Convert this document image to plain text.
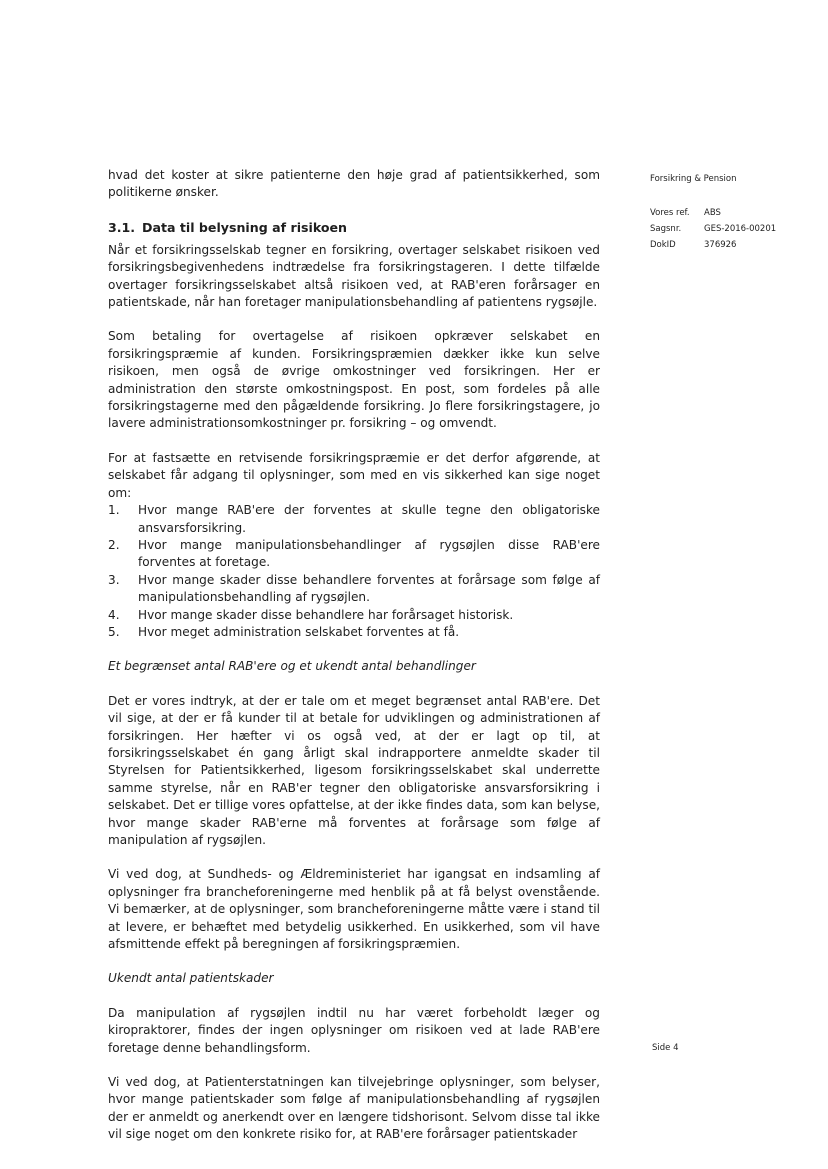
hvad det koster at sikre patienterne den høje grad af patientsikkerhed, som politikerne ønsker.

3.1. Data til belysning af risikoen

Når et forsikringsselskab tegner en forsikring, overtager selskabet risikoen ved forsikringsbegivenhedens indtrædelse fra forsikringstageren. I dette tilfælde overtager forsikringsselskabet altså risikoen ved, at RAB'eren forårsager en patientskade, når han foretager manipulationsbehandling af patientens rygsøjle.

Som betaling for overtagelse af risikoen opkræver selskabet en forsikringspræmie af kunden. Forsikringspræmien dækker ikke kun selve risikoen, men også de øvrige omkostninger ved forsikringen. Her er administration den største omkostningspost. En post, som fordeles på alle forsikringstagerne med den pågældende forsikring. Jo flere forsikringstagere, jo lavere administrationsomkostninger pr. forsikring – og omvendt.

For at fastsætte en retvisende forsikringspræmie er det derfor afgørende, at selskabet får adgang til oplysninger, som med en vis sikkerhed kan sige noget om:

1.	Hvor mange RAB'ere der forventes at skulle tegne den obligatoriske ansvarsforsikring.
2.	Hvor mange manipulationsbehandlinger af rygsøjlen disse RAB'ere forventes at foretage.
3.	Hvor mange skader disse behandlere forventes at forårsage som følge af manipulationsbehandling af rygsøjlen.
4.	Hvor mange skader disse behandlere har forårsaget historisk.
5.	Hvor meget administration selskabet forventes at få.

Et begrænset antal RAB'ere og et ukendt antal behandlinger

Det er vores indtryk, at der er tale om et meget begrænset antal RAB'ere. Det vil sige, at der er få kunder til at betale for udviklingen og administrationen af forsikringen. Her hæfter vi os også ved, at der er lagt op til, at forsikringsselskabet én gang årligt skal indrapportere anmeldte skader til Styrelsen for Patientsikkerhed, ligesom forsikringsselskabet skal underrette samme styrelse, når en RAB'er tegner den obligatoriske ansvarsforsikring i selskabet. Det er tillige vores opfattelse, at der ikke findes data, som kan belyse, hvor mange skader RAB'erne må forventes at forårsage som følge af manipulation af rygsøjlen.

Vi ved dog, at Sundheds- og Ældreministeriet har igangsat en indsamling af oplysninger fra brancheforeningerne med henblik på at få belyst ovenstående. Vi bemærker, at de oplysninger, som brancheforeningerne måtte være i stand til at levere, er behæftet med betydelig usikkerhed. En usikkerhed, som vil have afsmittende effekt på beregningen af forsikringspræmien.

Ukendt antal patientskader

Da manipulation af rygsøjlen indtil nu har været forbeholdt læger og kiropraktorer, findes der ingen oplysninger om risikoen ved at lade RAB'ere foretage denne behandlingsform.

Vi ved dog, at Patienterstatningen kan tilvejebringe oplysninger, som belyser, hvor mange patientskader som følge af manipulationsbehandling af rygsøjlen der er anmeldt og anerkendt over en længere tidshorisont. Selvom disse tal ikke vil sige noget om den konkrete risiko for, at RAB'ere forårsager patientskader

Forsikring & Pension
Vores ref.	ABS
Sagsnr.	GES-2016-00201
DokID	376926
Side 4
